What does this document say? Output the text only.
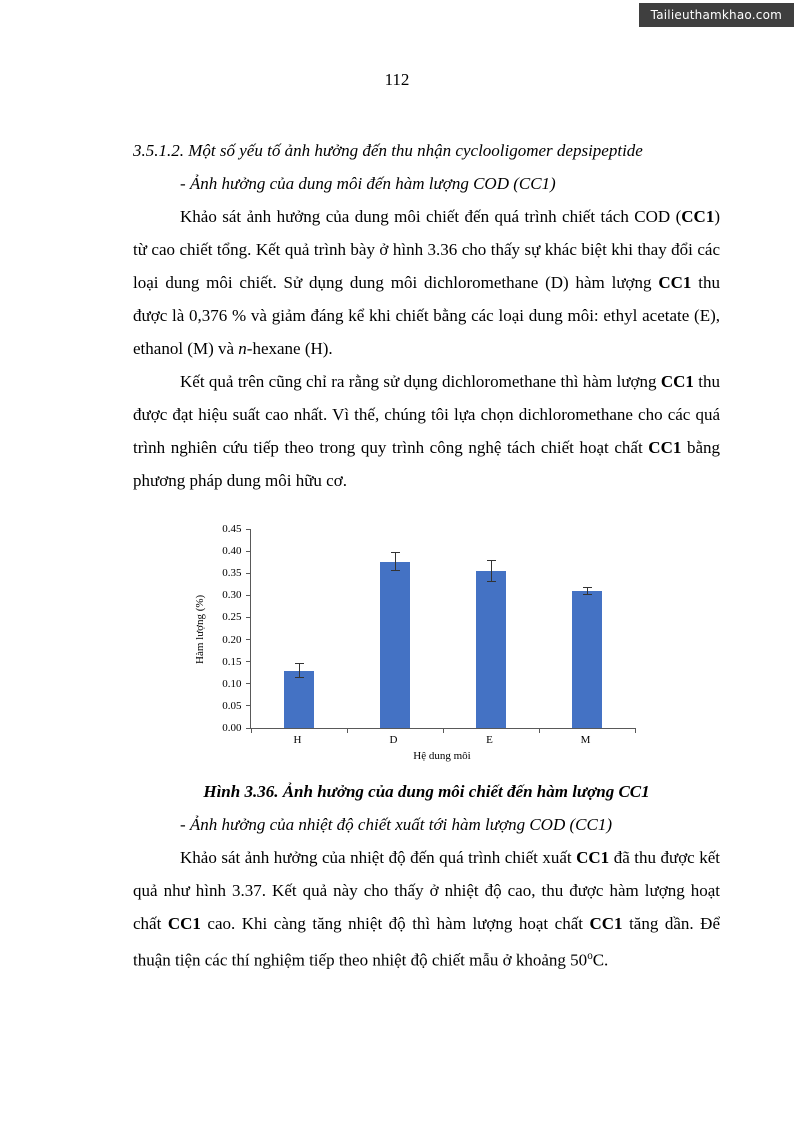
Tailieuthamkhao.com
112
3.5.1.2. Một số yếu tố ảnh hưởng đến thu nhận cyclooligomer depsipeptide
- Ảnh hưởng của dung môi đến hàm lượng COD (CC1)
Khảo sát ảnh hưởng của dung môi chiết đến quá trình chiết tách COD (CC1) từ cao chiết tổng. Kết quả trình bày ở hình 3.36 cho thấy sự khác biệt khi thay đổi các loại dung môi chiết. Sử dụng dung môi dichloromethane (D) hàm lượng CC1 thu được là 0,376 % và giảm đáng kể khi chiết bằng các loại dung môi: ethyl acetate (E), ethanol (M) và n-hexane (H).
Kết quả trên cũng chỉ ra rằng sử dụng dichloromethane thì hàm lượng CC1 thu được đạt hiệu suất cao nhất. Vì thế, chúng tôi lựa chọn dichloromethane cho các quá trình nghiên cứu tiếp theo trong quy trình công nghệ tách chiết hoạt chất CC1 bằng phương pháp dung môi hữu cơ.
Hàm lượng (%)
0.00
0.05
0.10
0.15
0.20
0.25
0.30
0.35
0.40
0.45
H	D	E	M
Hệ dung môi
Hình 3.36. Ảnh hưởng của dung môi chiết đến hàm lượng CC1
- Ảnh hưởng của nhiệt độ chiết xuất tới hàm lượng COD (CC1)
Khảo sát ảnh hưởng của nhiệt độ đến quá trình chiết xuất CC1 đã thu được kết quả như hình 3.37. Kết quả này cho thấy ở nhiệt độ cao, thu được hàm lượng hoạt chất CC1 cao. Khi càng tăng nhiệt độ thì hàm lượng hoạt chất CC1 tăng dần. Để thuận tiện các thí nghiệm tiếp theo nhiệt độ chiết mẫu ở khoảng 50$^o$C.
